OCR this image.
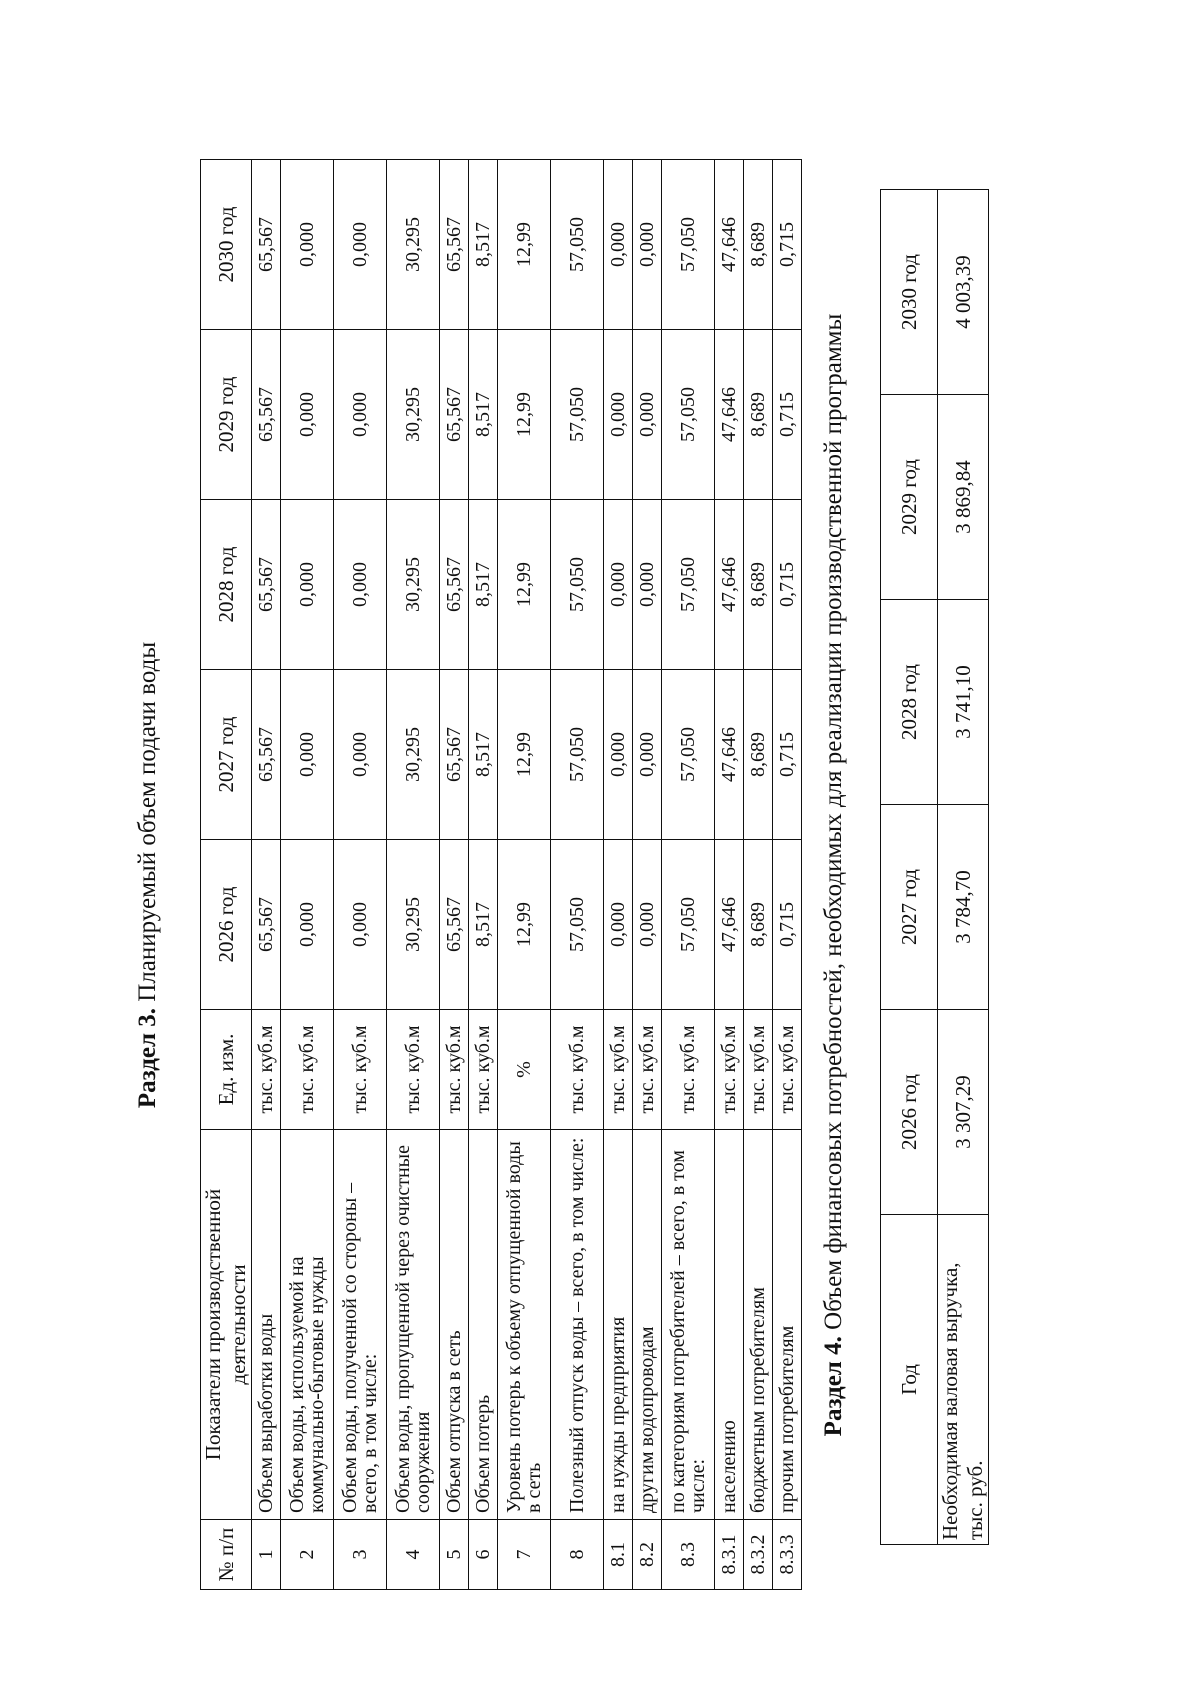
Раздел 3. Планируемый объем подачи воды
№ п/п	Показатели производственной деятельности	Ед. изм.	2026 год	2027 год	2028 год	2029 год	2030 год
1	Объем выработки воды	тыс. куб.м	65,567	65,567	65,567	65,567	65,567
2	Объем воды, используемой на коммунально-бытовые нужды	тыс. куб.м	0,000	0,000	0,000	0,000	0,000
3	Объем воды, полученной со стороны – всего, в том числе:	тыс. куб.м	0,000	0,000	0,000	0,000	0,000
4	Объем воды, пропущенной через очистные сооружения	тыс. куб.м	30,295	30,295	30,295	30,295	30,295
5	Объем отпуска в сеть	тыс. куб.м	65,567	65,567	65,567	65,567	65,567
6	Объем потерь	тыс. куб.м	8,517	8,517	8,517	8,517	8,517
7	Уровень потерь к объему отпущенной воды в сеть	%	12,99	12,99	12,99	12,99	12,99
8	Полезный отпуск воды – всего, в том числе:	тыс. куб.м	57,050	57,050	57,050	57,050	57,050
8.1	на нужды предприятия	тыс. куб.м	0,000	0,000	0,000	0,000	0,000
8.2	другим водопроводам	тыс. куб.м	0,000	0,000	0,000	0,000	0,000
8.3	по категориям потребителей – всего, в том числе:	тыс. куб.м	57,050	57,050	57,050	57,050	57,050
8.3.1	населению	тыс. куб.м	47,646	47,646	47,646	47,646	47,646
8.3.2	бюджетным потребителям	тыс. куб.м	8,689	8,689	8,689	8,689	8,689
8.3.3	прочим потребителям	тыс. куб.м	0,715	0,715	0,715	0,715	0,715
Раздел 4. Объем финансовых потребностей, необходимых для реализации производственной программы
Год	2026 год	2027 год	2028 год	2029 год	2030 год
Необходимая валовая выручка, тыс. руб.	3 307,29	3 784,70	3 741,10	3 869,84	4 003,39
